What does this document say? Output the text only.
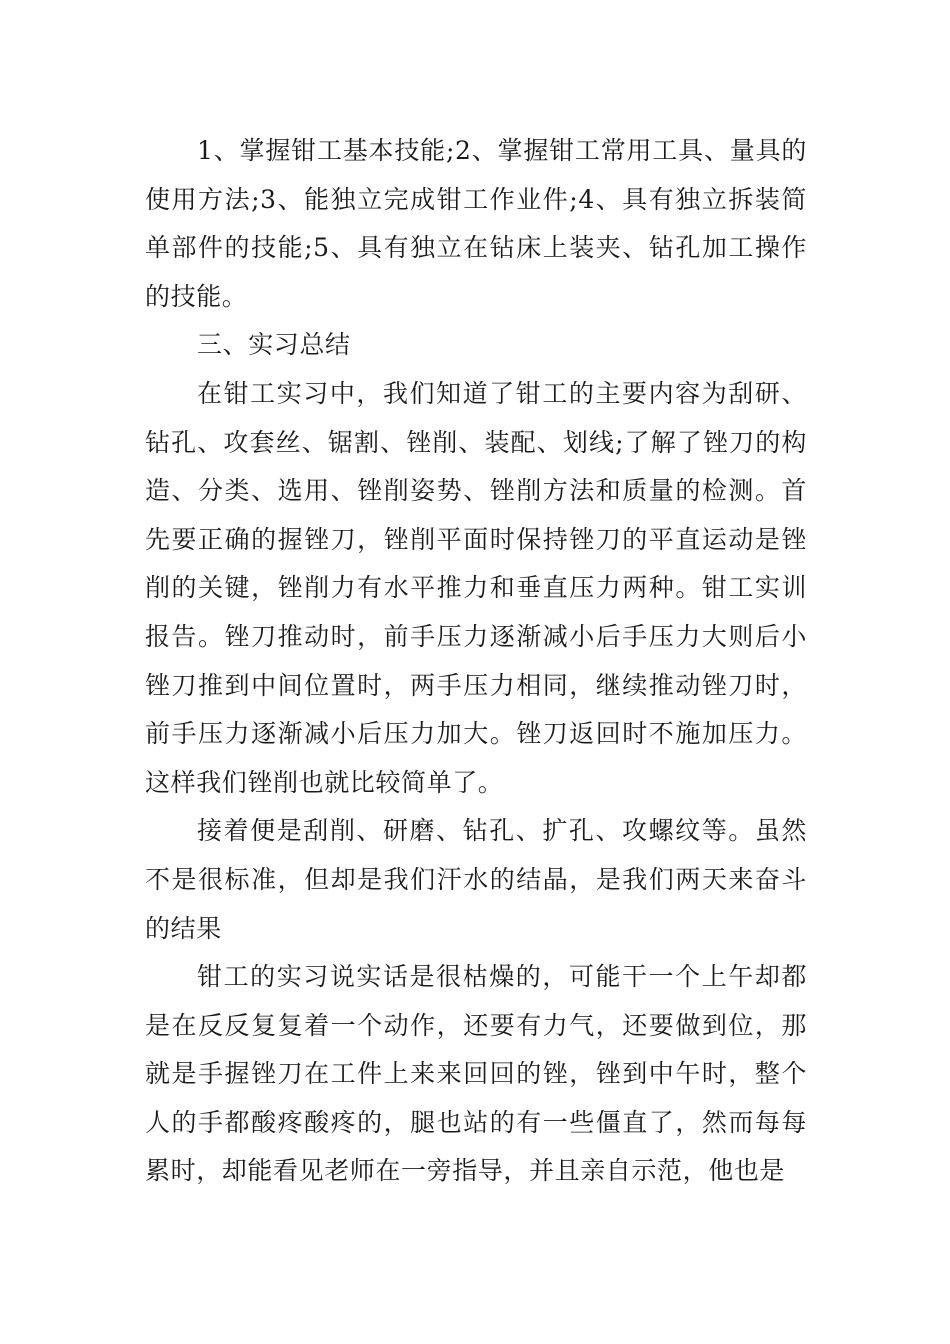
1、掌握钳工基本技能;2、掌握钳工常用工具、量具的使用方法;3、能独立完成钳工作业件;4、具有独立拆装简单部件的技能;5、具有独立在钻床上装夹、钻孔加工操作的技能。

三、实习总结

在钳工实习中，我们知道了钳工的主要内容为刮研、钻孔、攻套丝、锯割、锉削、装配、划线;了解了锉刀的构造、分类、选用、锉削姿势、锉削方法和质量的检测。首先要正确的握锉刀，锉削平面时保持锉刀的平直运动是锉削的关键，锉削力有水平推力和垂直压力两种。钳工实训报告。锉刀推动时，前手压力逐渐减小后手压力大则后小锉刀推到中间位置时，两手压力相同，继续推动锉刀时，前手压力逐渐减小后压力加大。锉刀返回时不施加压力。这样我们锉削也就比较简单了。

接着便是刮削、研磨、钻孔、扩孔、攻螺纹等。虽然不是很标准，但却是我们汗水的结晶，是我们两天来奋斗的结果

钳工的实习说实话是很枯燥的，可能干一个上午却都是在反反复复着一个动作，还要有力气，还要做到位，那就是手握锉刀在工件上来来回回的锉，锉到中午时，整个人的手都酸疼酸疼的，腿也站的有一些僵直了，然而每每累时，却能看见老师在一旁指导，并且亲自示范，他也是
